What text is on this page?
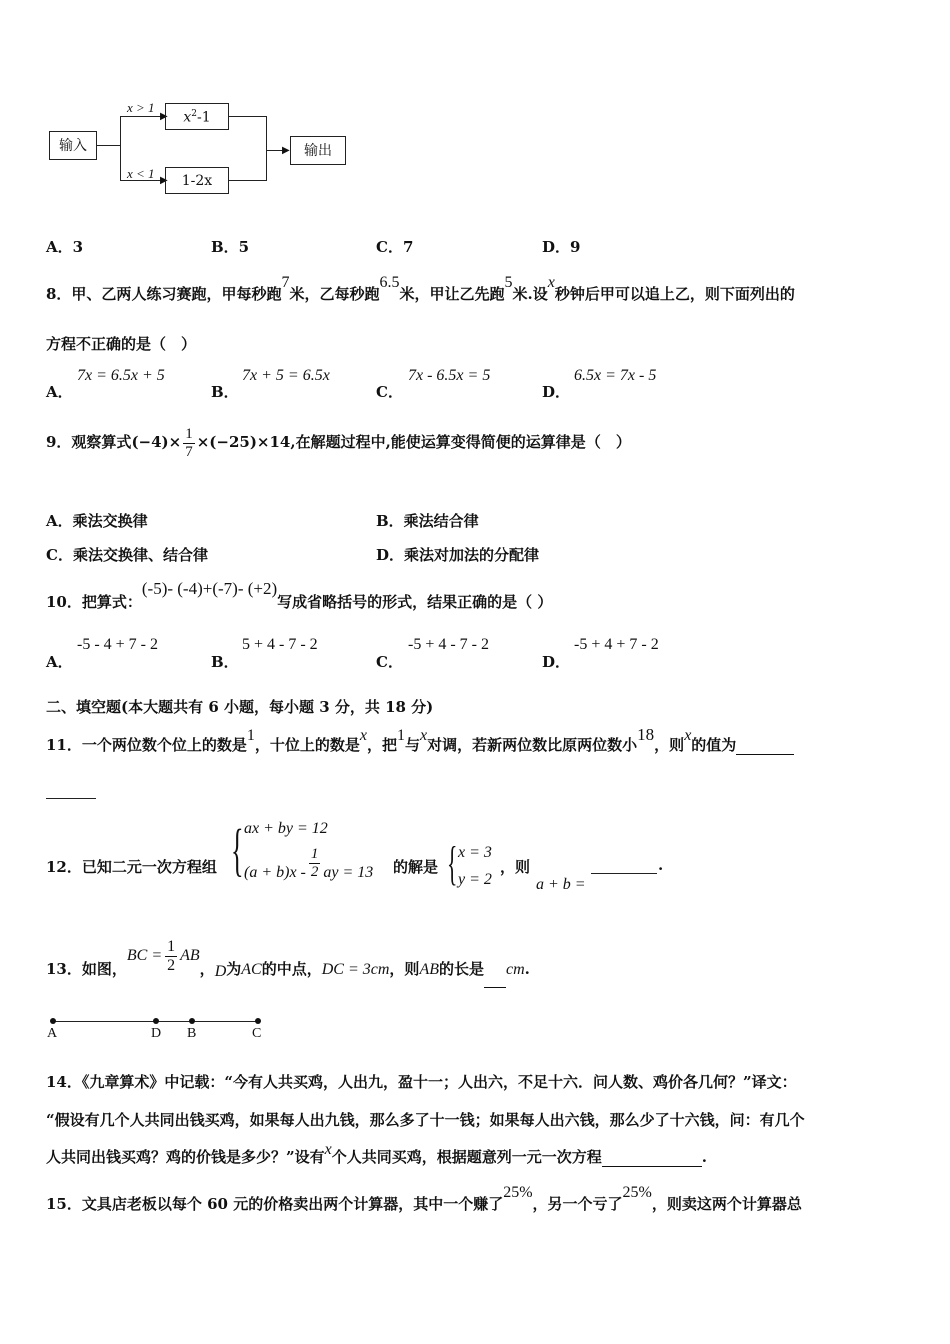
输入
▶
▶
x > 1
x < 1
$x^2-1$
1-2x
▶	输出
A．3	B．5	C．7	D．9
8．甲、乙两人练习赛跑，甲每秒跑7米，乙每秒跑6.5米，甲让乙先跑5米.设x秒钟后甲可以追上乙，则下面列出的
方程不正确的是（　）
A．
7x = 6.5x + 5
B．
7x + 5 = 6.5x
C．
7x - 6.5x = 5
D．
6.5x = 7x - 5
9．观察算式$(-4)\times \frac{1}{7} \times(-25)\times 14$,在解题过程中,能使运算变得简便的运算律是（　）
A．乘法交换律	B．乘法结合律
C．乘法交换律、结合律	D．乘法对加法的分配律
10．把算式：(-5)- (-4)+(-7)- (+2)写成省略括号的形式，结果正确的是（ ）
A．
-5 - 4 + 7 - 2
B．
5 + 4 - 7 - 2
C．
-5 + 4 - 7 - 2
D．
-5 + 4 + 7 - 2
二、填空题(本大题共有 6 小题，每小题 3 分，共 18 分)
11．一个两位数个位上的数是1，十位上的数是x，把1与x对调，若新两位数比原两位数小18，则x的值为
12．已知二元一次方程组 { ax + by = 12
$(a + b)x - \frac{1}{2}$ ay = 13 的解是 { x = 3
y = 2
，则
a + b =
.
13．如图，BC = $\frac{1}{2}$ AB，D为AC的中点，DC = 3cm，则AB的长是 cm.
A	D B	C
14．《九章算术》中记载：“今有人共买鸡，人出九，盈十一；人出六，不足十六．问人数、鸡价各几何？”译文：
“假设有几个人共同出钱买鸡，如果每人出九钱，那么多了十一钱；如果每人出六钱，那么少了十六钱，问：有几个
人共同出钱买鸡？鸡的价钱是多少？”设有x个人共同买鸡，根据题意列一元一次方程	.
15．文具店老板以每个 60 元的价格卖出两个计算器，其中一个赚了25%，另一个亏了25%，则卖这两个计算器总
